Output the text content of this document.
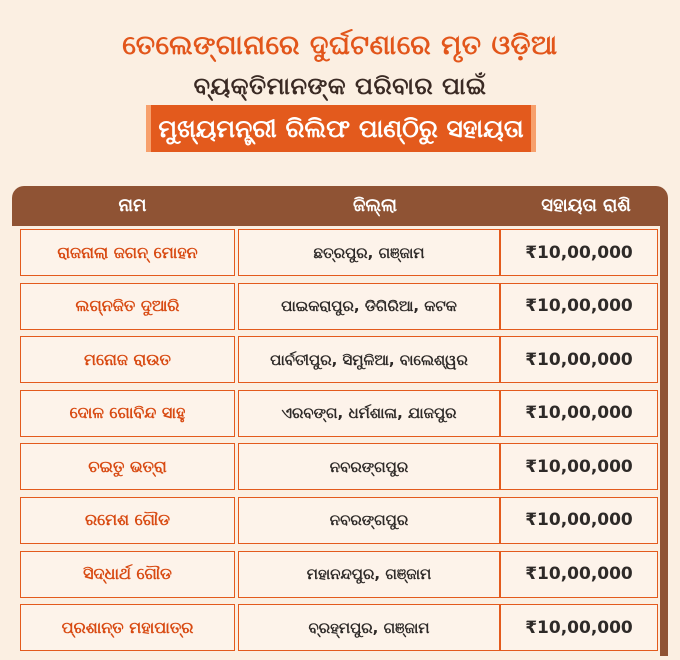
ତେଲେଙ୍ଗାନାରେ ଦୁର୍ଘଟଣାରେ ମୃତ ଓଡ଼ିଆ
ବ୍ୟକ୍ତିମାନଙ୍କ ପରିବାର ପାଇଁ
ମୁଖ୍ୟମନ୍ତ୍ରୀ ରିଲିଫ ପାଣ୍ଠିରୁ ସହାୟତା
ନାମ	ଜିଲ୍ଲା	ସହାୟତା ରାଶି
ରାଜନାଲା ଜଗନ୍ ମୋହନ	ଛତ୍ରପୁର, ଗଞ୍ଜାମ	₹10,00,000
ଲଗ୍ନଜିତ ଦୁଆରି	ପାଇକରାପୁର, ଡିଗିରିଆ, କଟକ	₹10,00,000
ମନୋଜ ରାଉତ	ପାର୍ବତୀପୁର, ସିମୁଳିଆ, ବାଲେଶ୍ୱର	₹10,00,000
ଦୋଳ ଗୋବିନ୍ଦ ସାହୁ	ଏରବଙ୍ଗ, ଧର୍ମଶାଳା, ଯାଜପୁର	₹10,00,000
ଚଇତୁ ଭତ୍ରା	ନବରଙ୍ଗପୁର	₹10,00,000
ରମେଶ ଗୌଡ	ନବରଙ୍ଗପୁର	₹10,00,000
ସିଦ୍ଧାର୍ଥ ଗୌଡ	ମହାନନ୍ଦପୁର, ଗଞ୍ଜାମ	₹10,00,000
ପ୍ରଶାନ୍ତ ମହାପାତ୍ର	ବ୍ରହ୍ମପୁର, ଗଞ୍ଜାମ	₹10,00,000
